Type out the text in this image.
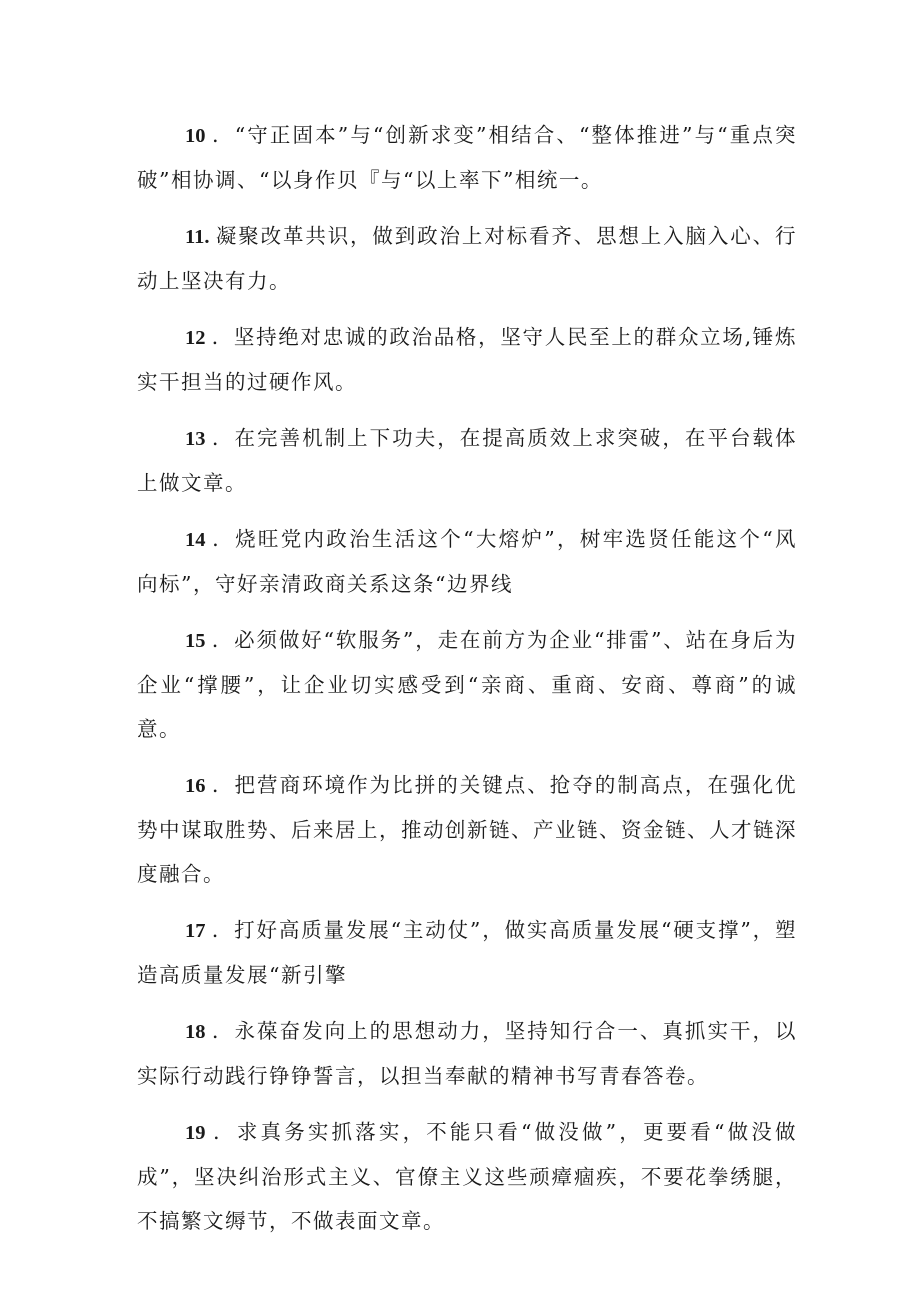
10 ．“守正固本”与“创新求变”相结合、“整体推进”与“重点突破”相协调、“以身作贝『与“以上率下”相统一。

11. 凝聚改革共识，做到政治上对标看齐、思想上入脑入心、行动上坚决有力。

12 ．坚持绝对忠诚的政治品格，坚守人民至上的群众立场,锤炼实干担当的过硬作风。

13 ．在完善机制上下功夫，在提高质效上求突破，在平台载体上做文章。

14 ．烧旺党内政治生活这个“大熔炉”，树牢选贤任能这个“风向标”，守好亲清政商关系这条“边界线

15 ．必须做好“软服务”，走在前方为企业“排雷”、站在身后为企业“撑腰”，让企业切实感受到“亲商、重商、安商、尊商”的诚意。

16 ．把营商环境作为比拼的关键点、抢夺的制高点，在强化优势中谋取胜势、后来居上，推动创新链、产业链、资金链、人才链深度融合。

17 ．打好高质量发展“主动仗”，做实高质量发展“硬支撑”，塑造高质量发展“新引擎

18 ．永葆奋发向上的思想动力，坚持知行合一、真抓实干，以实际行动践行铮铮誓言，以担当奉献的精神书写青春答卷。

19 ．求真务实抓落实，不能只看“做没做”，更要看“做没做成”，坚决纠治形式主义、官僚主义这些顽瘴痼疾，不要花拳绣腿，不搞繁文缛节，不做表面文章。
